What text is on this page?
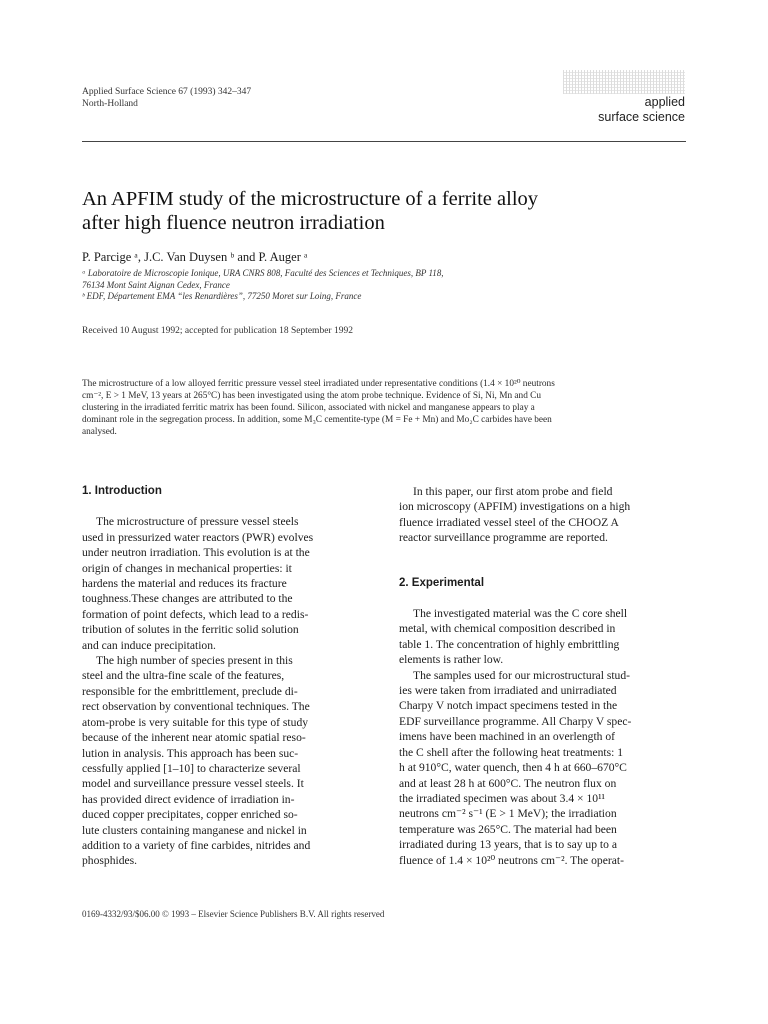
Applied Surface Science 67 (1993) 342–347
North-Holland	applied
surface science
An APFIM study of the microstructure of a ferrite alloy
after high fluence neutron irradiation
P. Parcige ᵃ, J.C. Van Duysen ᵇ and P. Auger ᵃ
ᵃ Laboratoire de Microscopie Ionique, URA CNRS 808, Faculté des Sciences et Techniques, BP 118,
76134 Mont Saint Aignan Cedex, France
ᵇ EDF, Département EMA “les Renardières”, 77250 Moret sur Loing, France
Received 10 August 1992; accepted for publication 18 September 1992
The microstructure of a low alloyed ferritic pressure vessel steel irradiated under representative conditions (1.4 × 10²⁰ neutrons
cm⁻², E > 1 MeV, 13 years at 265°C) has been investigated using the atom probe technique. Evidence of Si, Ni, Mn and Cu
clustering in the irradiated ferritic matrix has been found. Silicon, associated with nickel and manganese appears to play a
dominant role in the segregation process. In addition, some M₃C cementite-type (M = Fe + Mn) and Mo₂C carbides have been
analysed.
1. Introduction
The microstructure of pressure vessel steels
used in pressurized water reactors (PWR) evolves
under neutron irradiation. This evolution is at the
origin of changes in mechanical properties: it
hardens the material and reduces its fracture
toughness.These changes are attributed to the
formation of point defects, which lead to a redis-
tribution of solutes in the ferritic solid solution
and can induce precipitation.
The high number of species present in this
steel and the ultra-fine scale of the features,
responsible for the embrittlement, preclude di-
rect observation by conventional techniques. The
atom-probe is very suitable for this type of study
because of the inherent near atomic spatial reso-
lution in analysis. This approach has been suc-
cessfully applied [1–10] to characterize several
model and surveillance pressure vessel steels. It
has provided direct evidence of irradiation in-
duced copper precipitates, copper enriched so-
lute clusters containing manganese and nickel in
addition to a variety of fine carbides, nitrides and
phosphides.
In this paper, our first atom probe and field
ion microscopy (APFIM) investigations on a high
fluence irradiated vessel steel of the CHOOZ A
reactor surveillance programme are reported.
2. Experimental
The investigated material was the C core shell
metal, with chemical composition described in
table 1. The concentration of highly embrittling
elements is rather low.
The samples used for our microstructural stud-
ies were taken from irradiated and unirradiated
Charpy V notch impact specimens tested in the
EDF surveillance programme. All Charpy V spec-
imens have been machined in an overlength of
the C shell after the following heat treatments: 1
h at 910°C, water quench, then 4 h at 660–670°C
and at least 28 h at 600°C. The neutron flux on
the irradiated specimen was about 3.4 × 10¹¹
neutrons cm⁻² s⁻¹ (E > 1 MeV); the irradiation
temperature was 265°C. The material had been
irradiated during 13 years, that is to say up to a
fluence of 1.4 × 10²⁰ neutrons cm⁻². The operat-
0169-4332/93/$06.00 © 1993 – Elsevier Science Publishers B.V. All rights reserved
